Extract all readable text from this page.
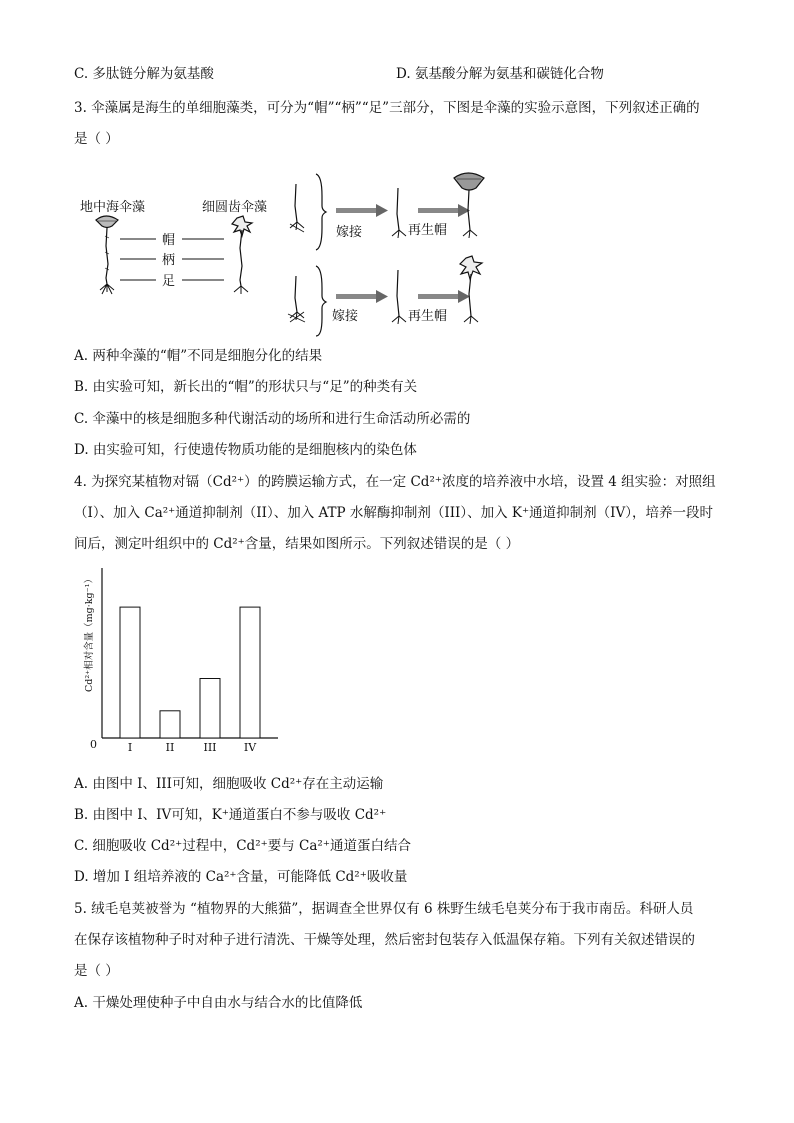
C. 多肽链分解为氨基酸	D. 氨基酸分解为氨基和碳链化合物
3. 伞藻属是海生的单细胞藻类，可分为“帽”“柄”“足”三部分，下图是伞藻的实验示意图，下列叙述正确的
是（ ）
地中海伞藻	细圆齿伞藻
帽
柄
足
嫁接	再生帽
嫁接	再生帽
A. 两种伞藻的“帽”不同是细胞分化的结果
B. 由实验可知，新长出的“帽”的形状只与“足”的种类有关
C. 伞藻中的核是细胞多种代谢活动的场所和进行生命活动所必需的
D. 由实验可知，行使遗传物质功能的是细胞核内的染色体
4. 为探究某植物对镉（Cd²⁺）的跨膜运输方式，在一定 Cd²⁺浓度的培养液中水培，设置 4 组实验：对照组
（I）、加入 Ca²⁺通道抑制剂（II）、加入 ATP 水解酶抑制剂（III）、加入 K⁺通道抑制剂（IV），培养一段时
间后，测定叶组织中的 Cd²⁺含量，结果如图所示。下列叙述错误的是（ ）
0
Cd²⁺相对含量（mg·kg⁻¹）
I	II	III IV
A. 由图中 I、III可知，细胞吸收 Cd²⁺存在主动运输
B. 由图中 I、IV可知，K⁺通道蛋白不参与吸收 Cd²⁺
C. 细胞吸收 Cd²⁺过程中，Cd²⁺要与 Ca²⁺通道蛋白结合
D. 增加 I 组培养液的 Ca²⁺含量，可能降低 Cd²⁺吸收量
5. 绒毛皂荚被誉为 “植物界的大熊猫”，据调查全世界仅有 6 株野生绒毛皂荚分布于我市南岳。科研人员
在保存该植物种子时对种子进行清洗、干燥等处理，然后密封包装存入低温保存箱。下列有关叙述错误的
是（ ）
A. 干燥处理使种子中自由水与结合水的比值降低
